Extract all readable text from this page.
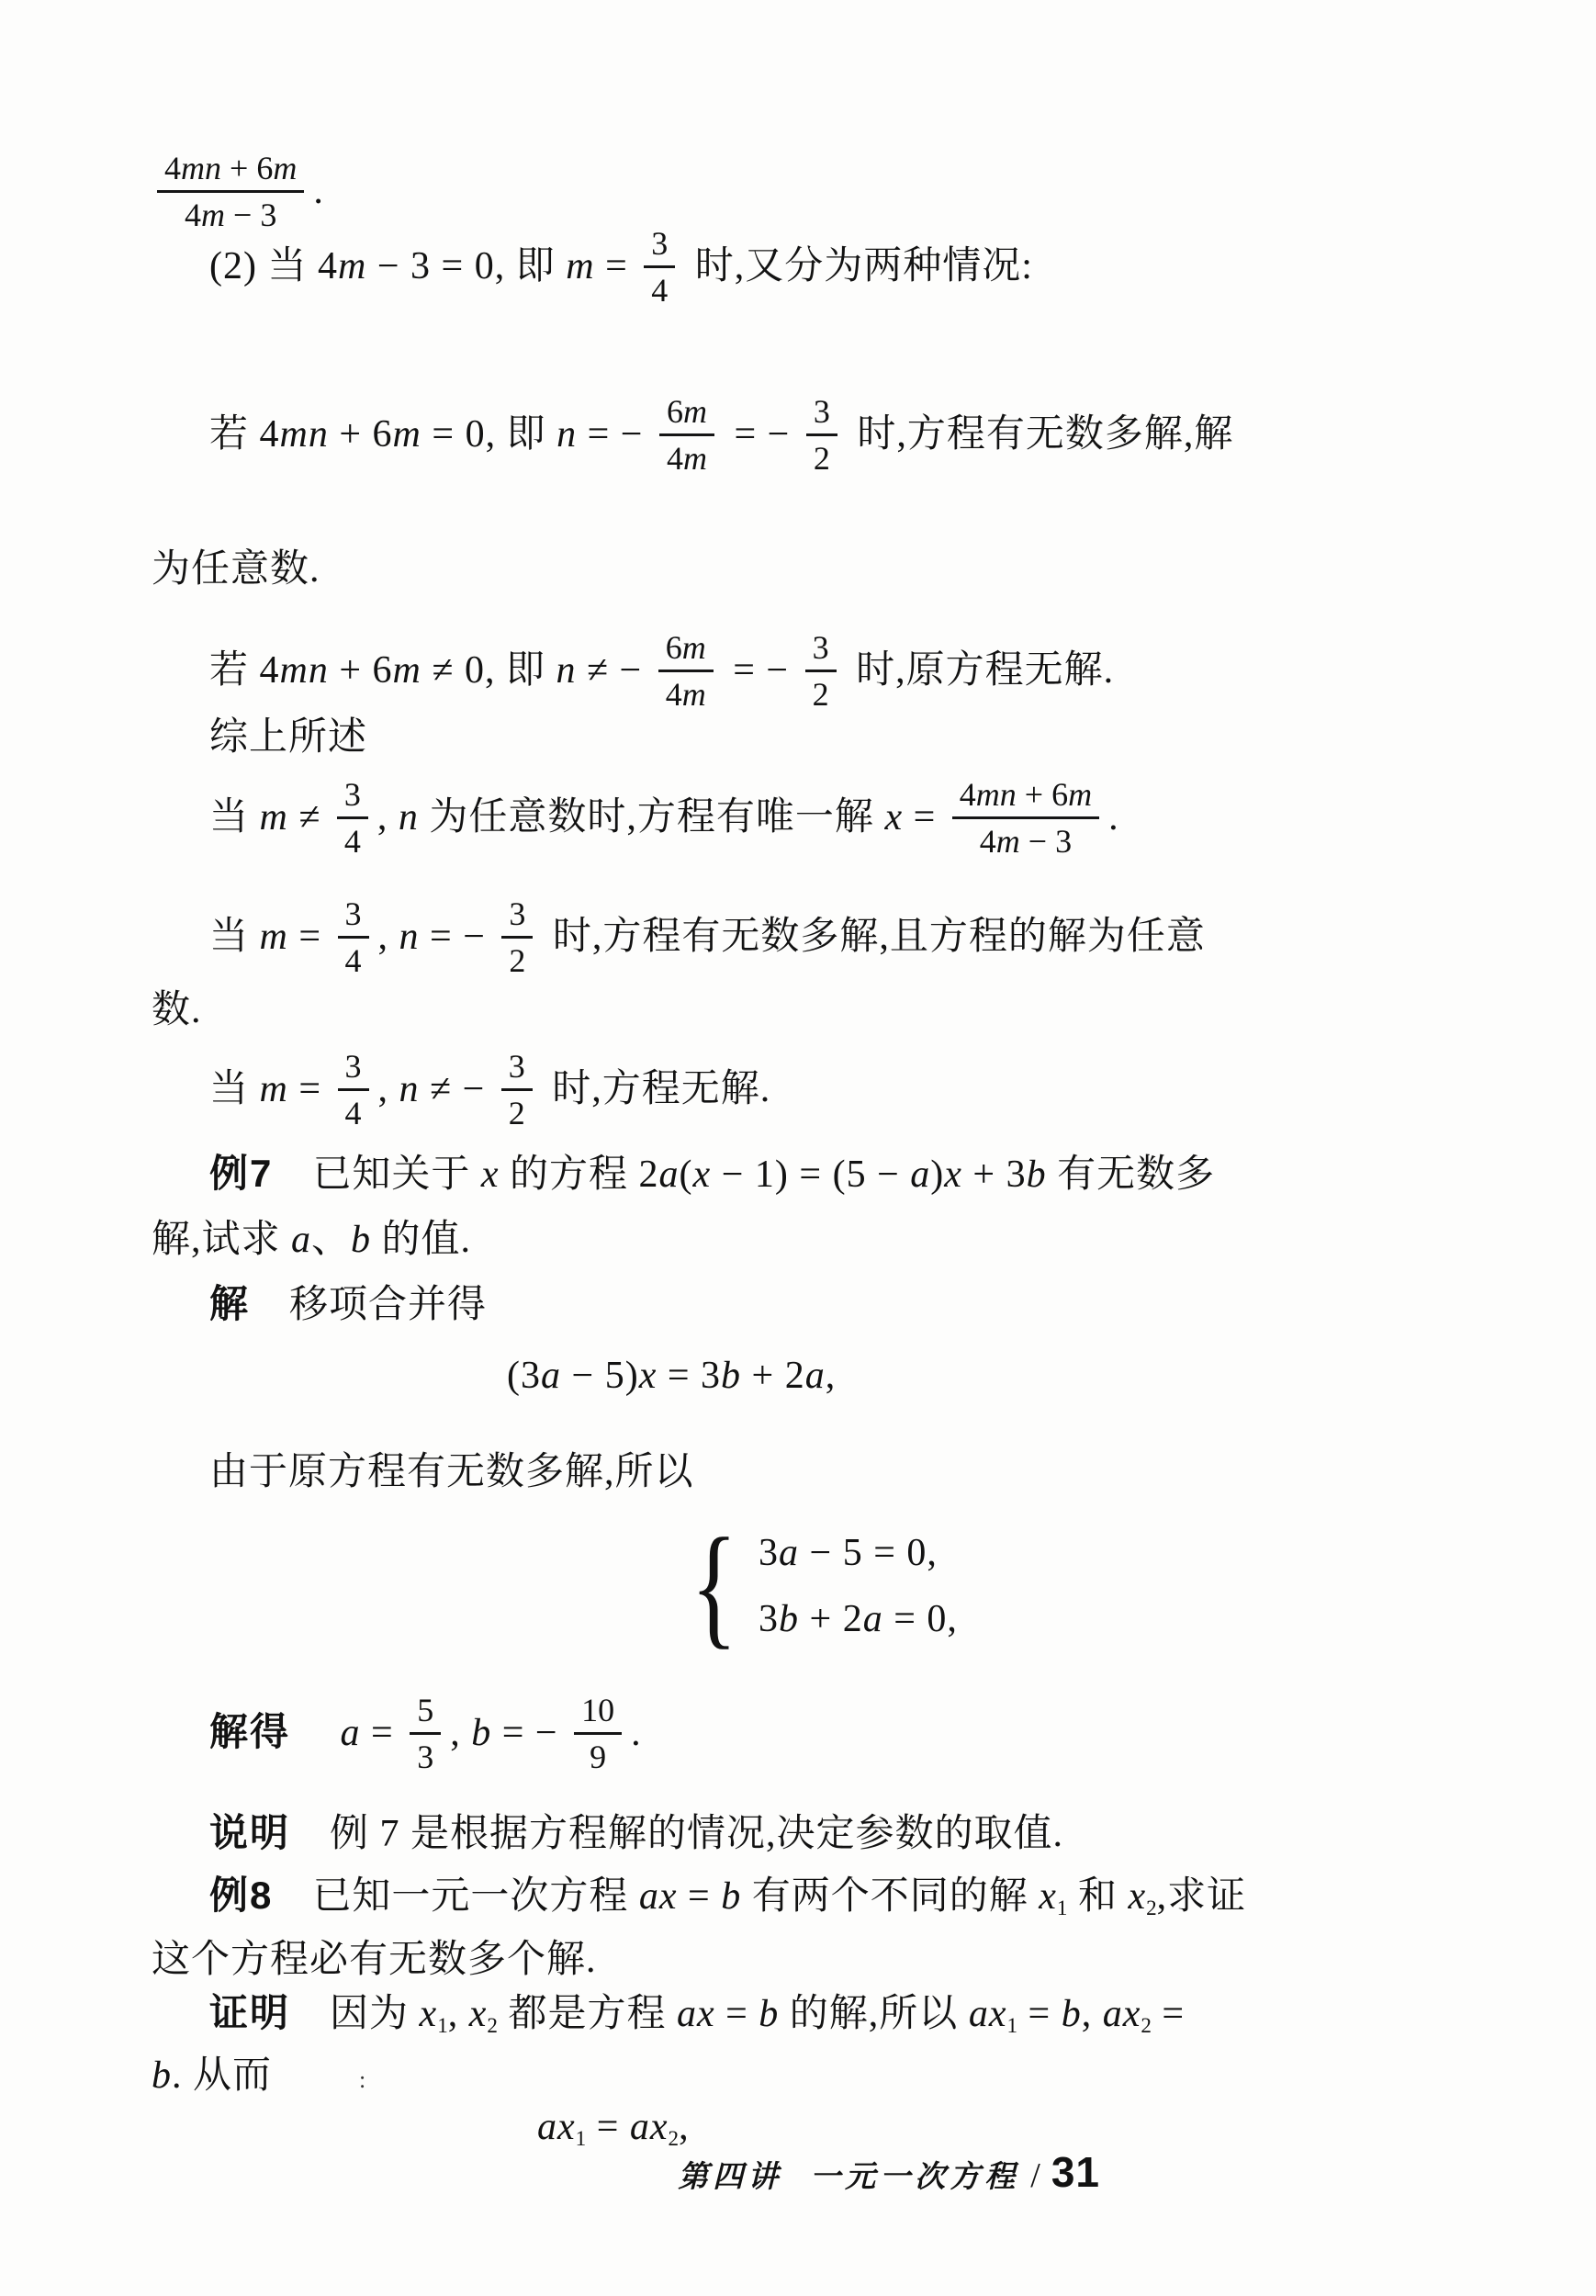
$\frac{4mn + 6m}{4m - 3}$ .
(2) 当 4m − 3 = 0, 即 $m = \frac{3}{4}$ 时,又分为两种情况:
若 4mn + 6m = 0, 即 n = − $\frac{6m}{4m}$ = − $\frac{3}{2}$ 时,方程有无数多解,解
为任意数.
若 4mn + 6m ≠ 0, 即 n ≠ − $\frac{6m}{4m}$ = − $\frac{3}{2}$ 时,原方程无解.
综上所述
当 $m \ne \frac{3}{4}$ , n 为任意数时,方程有唯一解 $x = \frac{4mn + 6m}{4m - 3}$ .
当 $m = \frac{3}{4}$ , n = − $\frac{3}{2}$ 时,方程有无数多解,且方程的解为任意
数.
当 $m = \frac{3}{4}$ , n ≠ − $\frac{3}{2}$ 时,方程无解.
例7　已知关于 x 的方程 2a(x − 1) = (5 − a)x + 3b 有无数多
解,试求 a、b 的值.
解　移项合并得
(3a − 5)x = 3b + 2a,
由于原方程有无数多解,所以
{ 3a − 5 = 0,
3b + 2a = 0,
解得　 $a = \frac{5}{3}$ , b = − $\frac{10}{9}$ .
说明　例 7 是根据方程解的情况,决定参数的取值.
例8　已知一元一次方程 ax = b 有两个不同的解 $x_1$ 和 $x_2$,求证
这个方程必有无数多个解.
证明　因为 $x_1$, $x_2$ 都是方程 ax = b 的解,所以 $ax_1 = b$, $ax_2$ =
b. 从而	:
$ax_1 = ax_2$,
第四讲 一元一次方程 / 31
